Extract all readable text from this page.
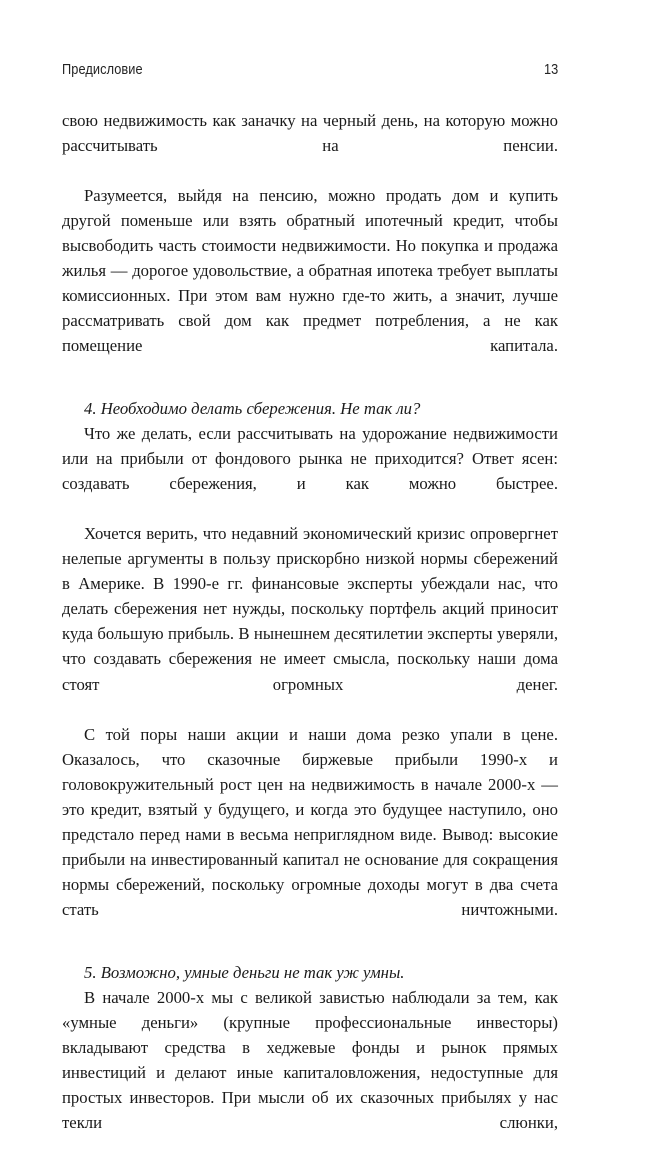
Предисловие	13

свою недвижимость как заначку на черный день, на которую можно рассчитывать на пенсии.

Разумеется, выйдя на пенсию, можно продать дом и купить другой поменьше или взять обратный ипотечный кредит, чтобы высвободить часть стоимости недвижимости. Но покупка и продажа жилья — дорогое удовольствие, а обратная ипотека требует выплаты комиссионных. При этом вам нужно где-то жить, а значит, лучше рассматривать свой дом как предмет потребления, а не как помещение капитала.

4. Необходимо делать сбережения. Не так ли?

Что же делать, если рассчитывать на удорожание недвижимости или на прибыли от фондового рынка не приходится? Ответ ясен: создавать сбережения, и как можно быстрее.

Хочется верить, что недавний экономический кризис опровергнет нелепые аргументы в пользу прискорбно низкой нормы сбережений в Америке. В 1990-е гг. финансовые эксперты убеждали нас, что делать сбережения нет нужды, поскольку портфель акций приносит куда большую прибыль. В нынешнем десятилетии эксперты уверяли, что создавать сбережения не имеет смысла, поскольку наши дома стоят огромных денег.

С той поры наши акции и наши дома резко упали в цене. Оказалось, что сказочные биржевые прибыли 1990-х и головокружительный рост цен на недвижимость в начале 2000-х — это кредит, взятый у будущего, и когда это будущее наступило, оно предстало перед нами в весьма неприглядном виде. Вывод: высокие прибыли на инвестированный капитал не основание для сокращения нормы сбережений, поскольку огромные доходы могут в два счета стать ничтожными.

5. Возможно, умные деньги не так уж умны.

В начале 2000-х мы с великой завистью наблюдали за тем, как «умные деньги» (крупные профессиональные инвесторы) вкладывают средства в хеджевые фонды и рынок прямых инвестиций и делают иные капиталовложения, недоступные для простых инвесторов. При мысли об их сказочных прибылях у нас текли слюнки,
